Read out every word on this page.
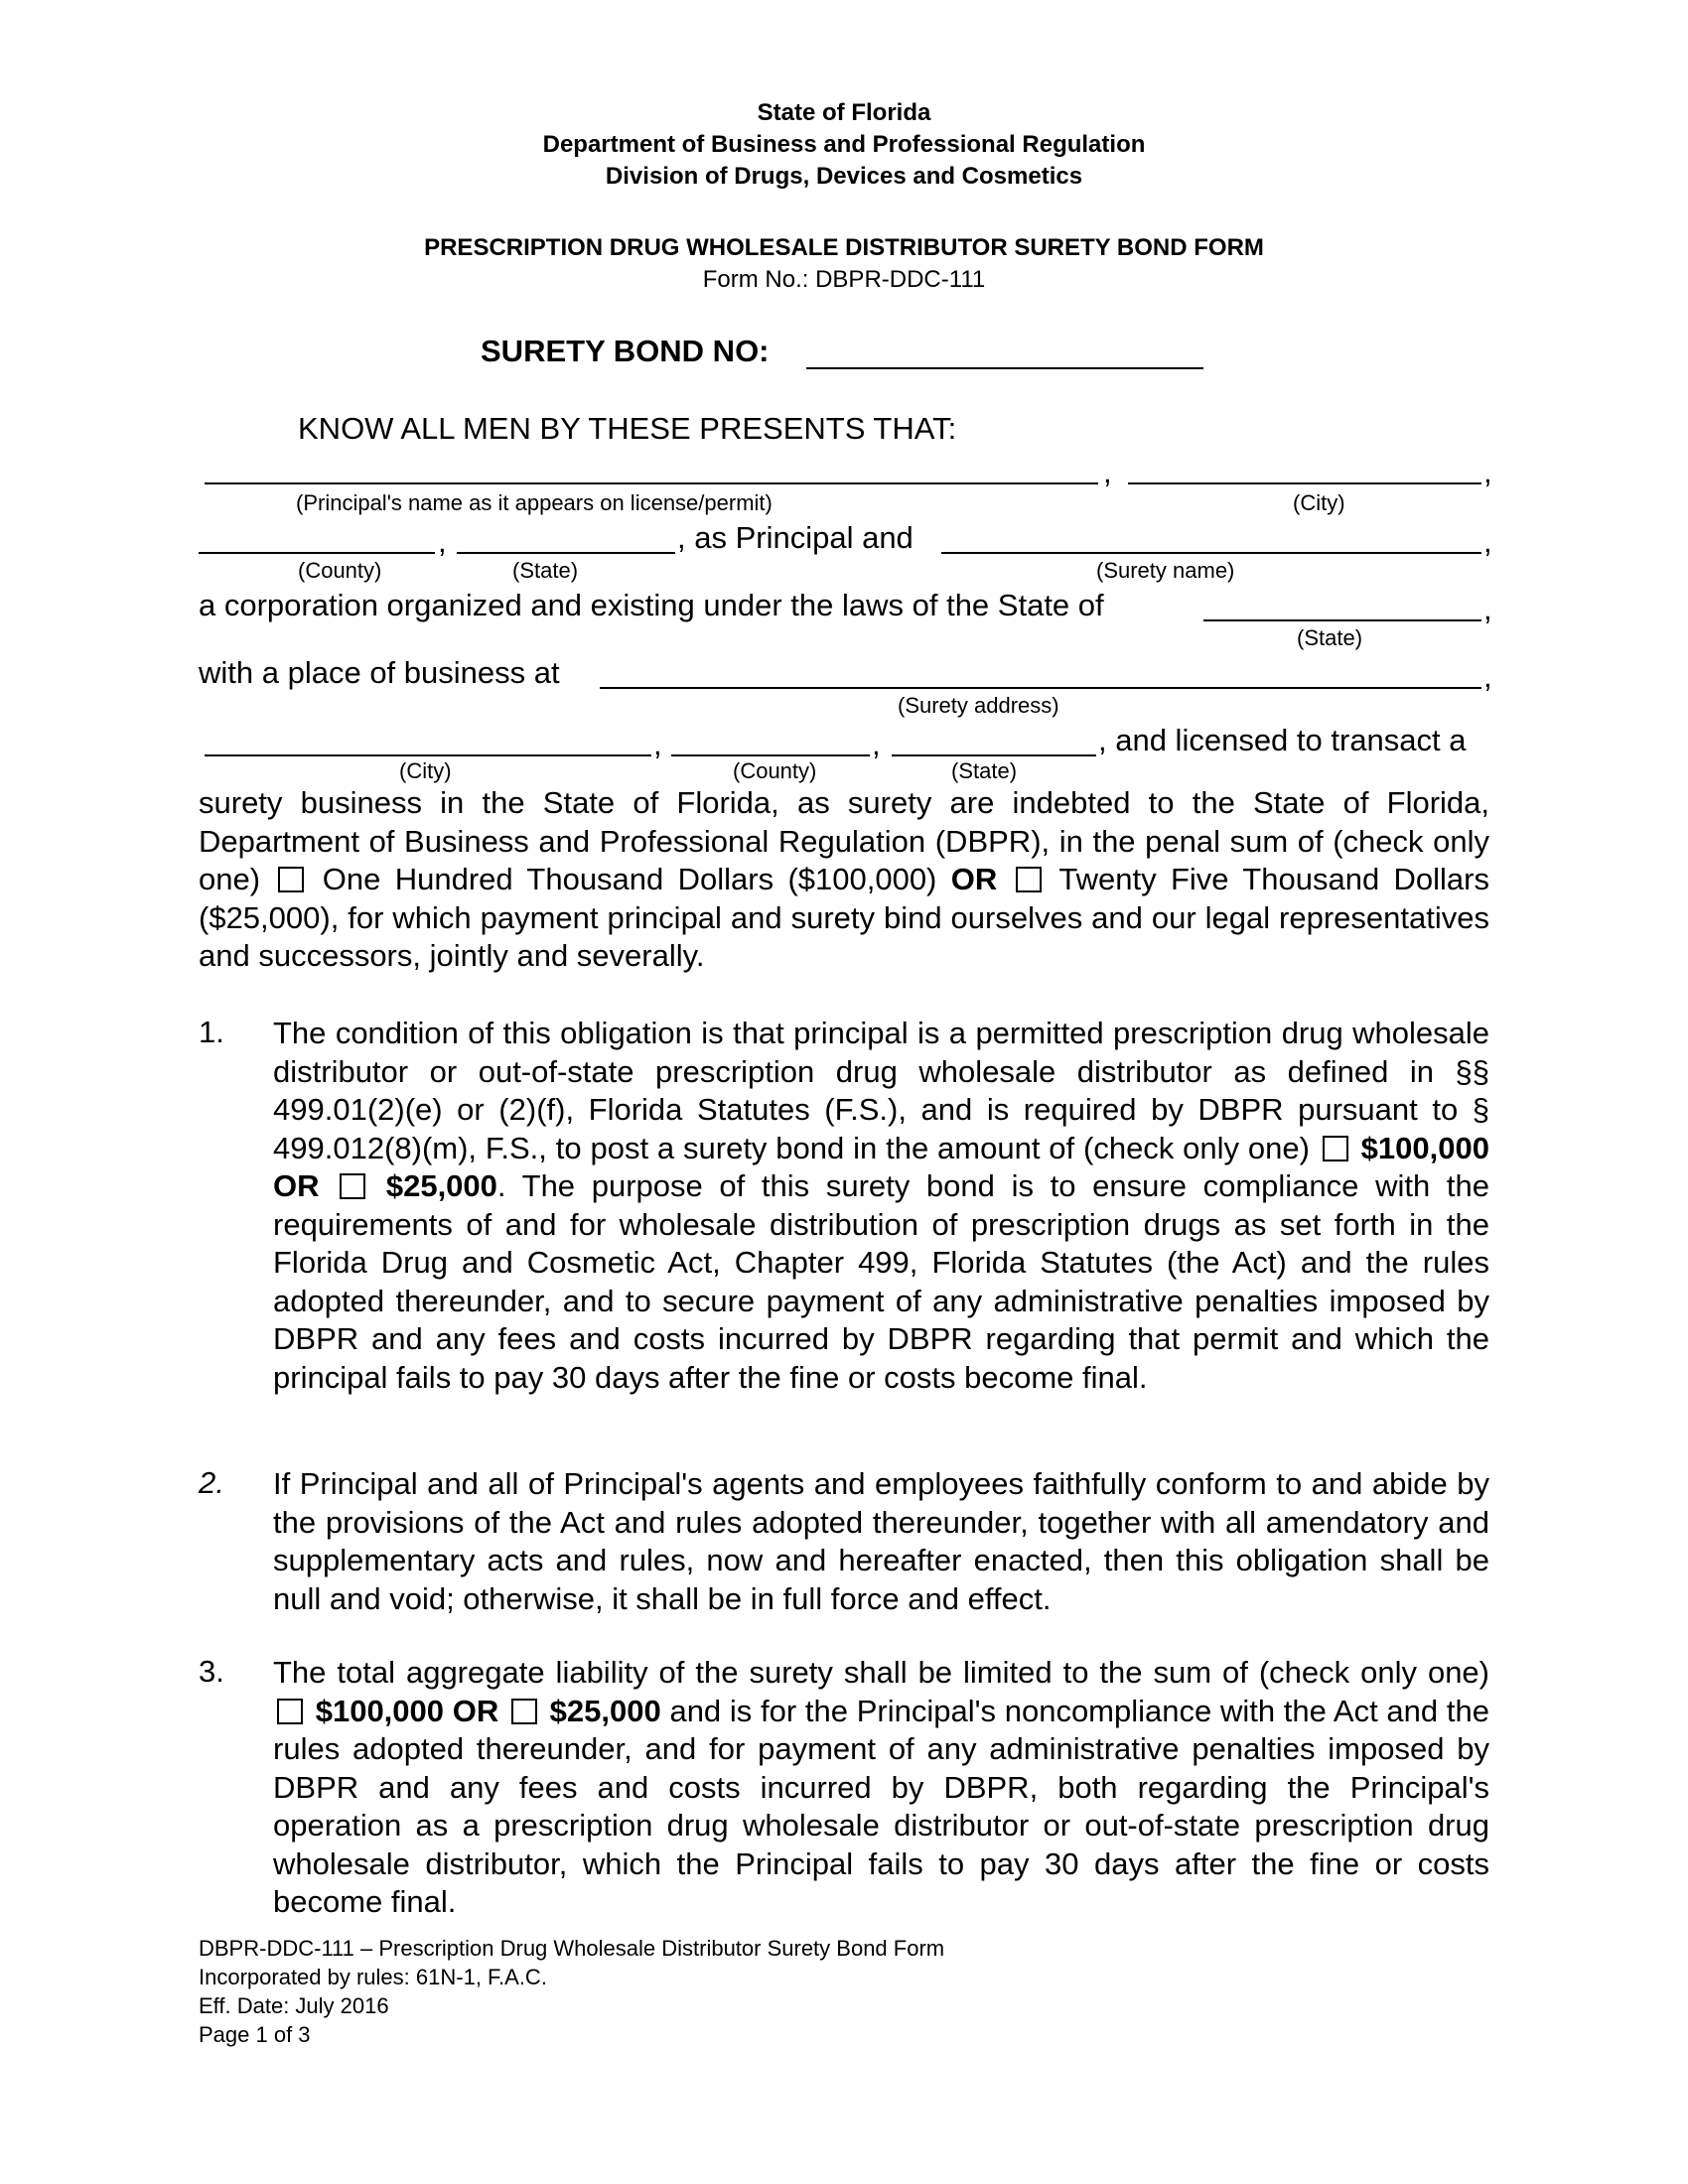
State of Florida
Department of Business and Professional Regulation
Division of Drugs, Devices and Cosmetics
PRESCRIPTION DRUG WHOLESALE DISTRIBUTOR SURETY BOND FORM
Form No.: DBPR-DDC-111
SURETY BOND NO:
KNOW ALL MEN BY THESE PRESENTS THAT:
,	,
(Principal's name as it appears on license/permit)	(City)
,	, as Principal and	,
(County)	(State)	(Surety name)
a corporation organized and existing under the laws of the State of	,
(State)
with a place of business at	,
(Surety address)
,	,	, and licensed to transact a
(City)	(County)	(State)
surety business in the State of Florida, as surety are indebted to the State of Florida, Department of Business and Professional Regulation (DBPR), in the penal sum of (check only one) One Hundred Thousand Dollars ($100,000) OR Twenty Five Thousand Dollars ($25,000), for which payment principal and surety bind ourselves and our legal representatives and successors, jointly and severally.
1. The condition of this obligation is that principal is a permitted prescription drug wholesale distributor or out-of-state prescription drug wholesale distributor as defined in §§ 499.01(2)(e) or (2)(f), Florida Statutes (F.S.), and is required by DBPR pursuant to § 499.012(8)(m), F.S., to post a surety bond in the amount of (check only one) $100,000 OR $25,000. The purpose of this surety bond is to ensure compliance with the requirements of and for wholesale distribution of prescription drugs as set forth in the Florida Drug and Cosmetic Act, Chapter 499, Florida Statutes (the Act) and the rules adopted thereunder, and to secure payment of any administrative penalties imposed by DBPR and any fees and costs incurred by DBPR regarding that permit and which the principal fails to pay 30 days after the fine or costs become final.
2. If Principal and all of Principal's agents and employees faithfully conform to and abide by the provisions of the Act and rules adopted thereunder, together with all amendatory and supplementary acts and rules, now and hereafter enacted, then this obligation shall be null and void; otherwise, it shall be in full force and effect.
3. The total aggregate liability of the surety shall be limited to the sum of (check only one)  $100,000 OR $25,000 and is for the Principal's noncompliance with the Act and the rules adopted thereunder, and for payment of any administrative penalties imposed by DBPR and any fees and costs incurred by DBPR, both regarding the Principal's operation as a prescription drug wholesale distributor or out-of-state prescription drug wholesale distributor, which the Principal fails to pay 30 days after the fine or costs become final.
DBPR-DDC-111 – Prescription Drug Wholesale Distributor Surety Bond Form
Incorporated by rules: 61N-1, F.A.C.
Eff. Date: July 2016
Page 1 of 3
